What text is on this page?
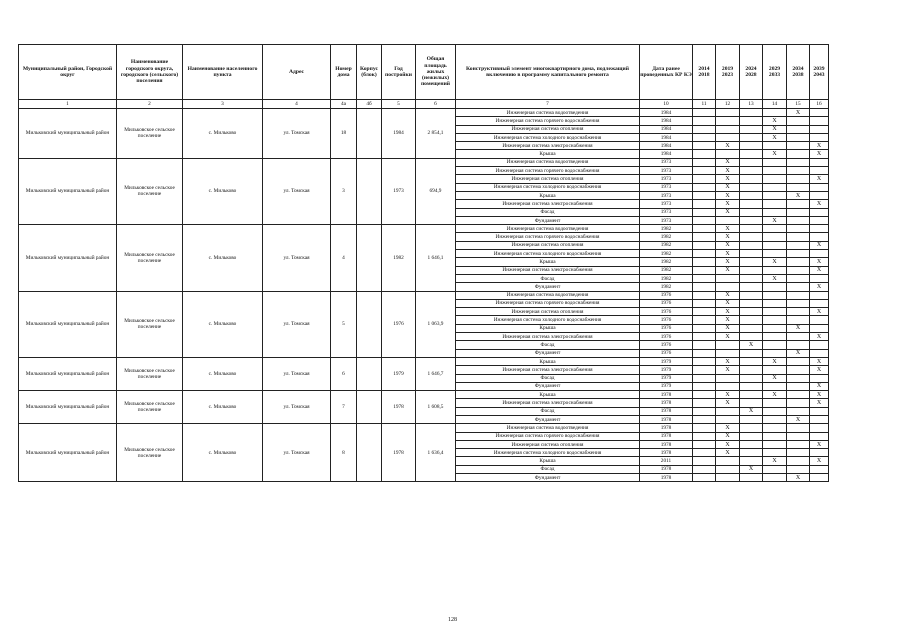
Муниципальный район, Городской округ	Наименование городского округа, городского (сельского) поселения	Наименование населенного пункта	Адрес	Номер дома	Корпус (блок)	Год постройки	Общая площадь жилых (нежилых) помещений	Конструктивный элемент многоквартирного дома, подлежащий включению в программу капитального ремонта	Дата ранее проведенных КР КЭ	2014 2018	2019 2023	2024 2028	2029 2033	2034 2038	2039 2043
1	2	3	4	4а	4б	5	6	7	10	11	12	13	14	15	16
Мильковский муниципальный район	Мильковское сельское поселение	с. Мильково	ул. Томская	18		1984	2 854,1	Инженерная система водоотведения	1984					X	
								Инженерная система горячего водоснабжения	1984				X		
								Инженерная система отопления	1984				X		
								Инженерная система холодного водоснабжения	1984				X		
								Инженерная система электроснабжения	1984		X				X
								Крыша	1984				X		X
Мильковский муниципальный район	Мильковское сельское поселение	с. Мильково	ул. Томская	3		1973	694,9	Инженерная система водоотведения	1973		X				
								Инженерная система горячего водоснабжения	1973		X				
								Инженерная система отопления	1973		X				X
								Инженерная система холодного водоснабжения	1973		X				
								Крыша	1973		X			X	
								Инженерная система электроснабжения	1973		X				X
								Фасад	1973		X				
								Фундамент	1973				X		
Мильковский муниципальный район	Мильковское сельское поселение	с. Мильково	ул. Томская	4		1982	1 646,1	Инженерная система водоотведения	1982		X				
								Инженерная система горячего водоснабжения	1982		X				
								Инженерная система отопления	1982		X				X
								Инженерная система холодного водоснабжения	1982		X				
								Крыша	1982		X		X		X
								Инженерная система электроснабжения	1982		X				X
								Фасад	1982				X		
								Фундамент	1982						X
Мильковский муниципальный район	Мильковское сельское поселение	с. Мильково	ул. Томская	5		1976	1 063,9	Инженерная система водоотведения	1976		X				
								Инженерная система горячего водоснабжения	1976		X				
								Инженерная система отопления	1976		X				X
								Инженерная система холодного водоснабжения	1976		X				
								Крыша	1976		X			X	
								Инженерная система электроснабжения	1976		X				X
								Фасад	1976			X			
								Фундамент	1976					X	
Мильковский муниципальный район	Мильковское сельское поселение	с. Мильково	ул. Томская	6		1979	1 646,7	Крыша	1979		X		X		X
								Инженерная система электроснабжения	1979		X				X
								Фасад	1979				X		
								Фундамент	1979						X
Мильковский муниципальный район	Мильковское сельское поселение	с. Мильково	ул. Томская	7		1978	1 608,5	Крыша	1978		X		X		X
								Инженерная система электроснабжения	1978		X				X
								Фасад	1978			X			
								Фундамент	1978					X	
Мильковский муниципальный район	Мильковское сельское поселение	с. Мильково	ул. Томская	8		1978	1 636,4	Инженерная система водоотведения	1978		X				
								Инженерная система горячего водоснабжения	1978		X				
								Инженерная система отопления	1978		X				X
								Инженерная система холодного водоснабжения	1978		X				
								Крыша	2011				X		X
								Фасад	1978			X			
								Фундамент	1978					X	
128
